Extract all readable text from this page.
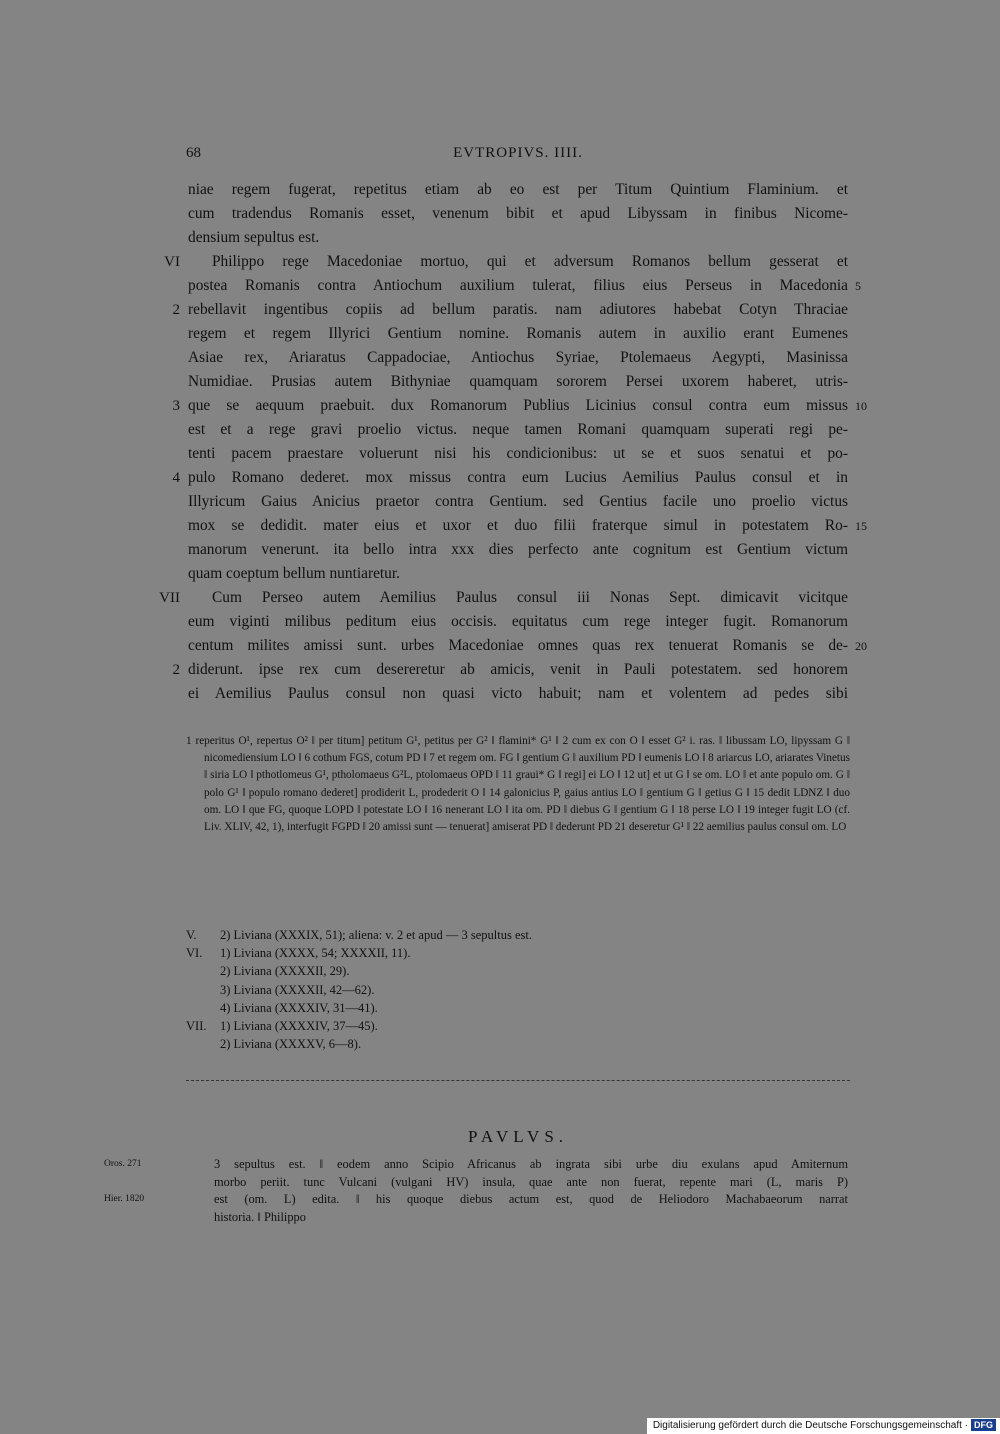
68	EVTROPIVS. IIII.
niae regem fugerat, repetitus etiam ab eo est per Titum Quintium Flaminium. et
cum tradendus Romanis esset, venenum bibit et apud Libyssam in finibus Nicome-
densium sepultus est.
VI Philippo rege Macedoniae mortuo, qui et adversum Romanos bellum gesserat et
postea Romanis contra Antiochum auxilium tulerat, filius eius Perseus in Macedonia 5
2 rebellavit ingentibus copiis ad bellum paratis. nam adiutores habebat Cotyn Thraciae
regem et regem Illyrici Gentium nomine. Romanis autem in auxilio erant Eumenes
Asiae rex, Ariaratus Cappadociae, Antiochus Syriae, Ptolemaeus Aegypti, Masinissa
Numidiae. Prusias autem Bithyniae quamquam sororem Persei uxorem haberet, utris-
3 que se aequum praebuit. dux Romanorum Publius Licinius consul contra eum missus 10
est et a rege gravi proelio victus. neque tamen Romani quamquam superati regi pe-
tenti pacem praestare voluerunt nisi his condicionibus: ut se et suos senatui et po-
4 pulo Romano dederet. mox missus contra eum Lucius Aemilius Paulus consul et in
Illyricum Gaius Anicius praetor contra Gentium. sed Gentius facile uno proelio victus
mox se dedidit. mater eius et uxor et duo filii fraterque simul in potestatem Ro- 15
manorum venerunt. ita bello intra xxx dies perfecto ante cognitum est Gentium victum
quam coeptum bellum nuntiaretur.
VII Cum Perseo autem Aemilius Paulus consul iii Nonas Sept. dimicavit vicitque
eum viginti milibus peditum eius occisis. equitatus cum rege integer fugit. Romanorum
centum milites amissi sunt. urbes Macedoniae omnes quas rex tenuerat Romanis se de- 20
2 diderunt. ipse rex cum desereretur ab amicis, venit in Pauli potestatem. sed honorem
ei Aemilius Paulus consul non quasi victo habuit; nam et volentem ad pedes sibi

1 reperitus O¹, repertus O² ‖ per titum] petitum G¹, petitus per G² ‖ flamini* G¹ ‖ 2 cum ex con O ‖ esset G² i. ras. ‖ libussam LO, lipyssam G ‖ nicomediensium LO ‖ 6 cothum FGS, cotum PD ‖ 7 et regem om. FG ‖ gentium G ‖ auxilium PD ‖ eumenis LO ‖ 8 ariarcus LO, ariarates Vinetus ‖ siria LO ‖ pthotlomeus G¹, ptholomaeus G²L, ptolomaeus OPD ‖ 11 graui* G ‖ regi] ei LO ‖ 12 ut] et ut G ‖ se om. LO ‖ et ante populo om. G ‖ polo G¹ ‖ populo romano dederet] prodiderit L, prodederit O ‖ 14 galonicius P, gaius antius LO ‖ gentium G ‖ getius G ‖ 15 dedit LDNZ ‖ duo om. LO ‖ que FG, quoque LOPD ‖ potestate LO ‖ 16 nenerant LO ‖ ita om. PD ‖ diebus G ‖ gentium G ‖ 18 perse LO ‖ 19 integer fugit LO (cf. Liv. XLIV, 42, 1), interfugit FGPD ‖ 20 amissi sunt — tenuerat] amiserat PD ‖ dederunt PD 21 deseretur G¹ ‖ 22 aemilius paulus consul om. LO

V.	2) Liviana (XXXIX, 51); aliena: v. 2 et apud — 3 sepultus est.
VI.	1) Liviana (XXXX, 54; XXXXII, 11).
2) Liviana (XXXXII, 29).
3) Liviana (XXXXII, 42—62).
4) Liviana (XXXXIV, 31—41).
VII.	1) Liviana (XXXXIV, 37—45).
2) Liviana (XXXXV, 6—8).
PAVLVS.
Oros. 271	3 sepultus est. ‖ eodem anno Scipio Africanus ab ingrata sibi urbe diu exulans apud Amiternum
morbo periit. tunc Vulcani (vulgani HV) insula, quae ante non fuerat, repente mari (L, maris P)
Hier. 1820	est (om. L) edita. ‖ his quoque diebus actum est, quod de Heliodoro Machabaeorum narrat
historia. ‖ Philippo
Digitalisierung gefördert durch die Deutsche Forschungsgemeinschaft · DFG
